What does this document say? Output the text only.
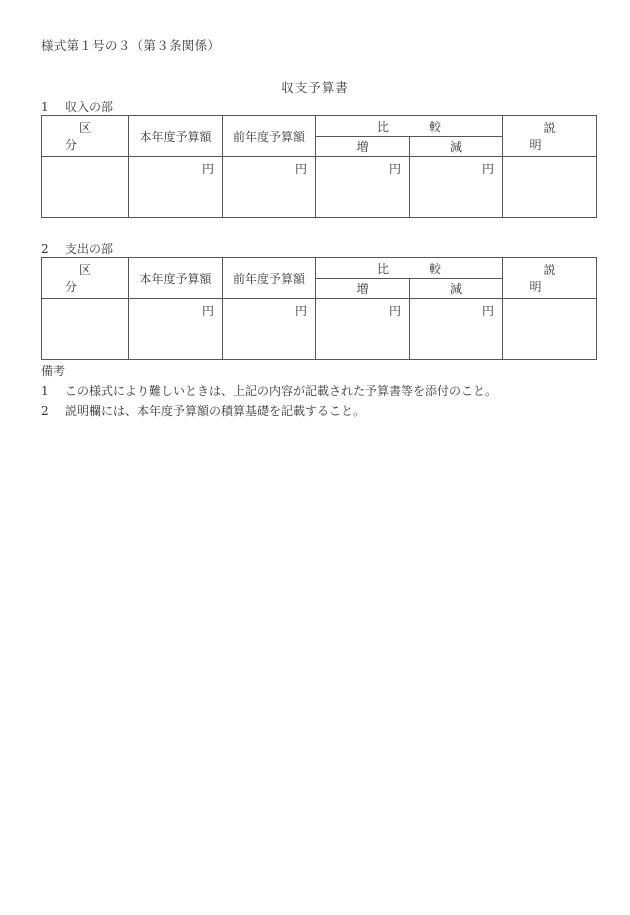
様式第１号の３（第３条関係）
収支予算書
1 収入の部
区分	本年度予算額	前年度予算額	比較		説明
			増	減	
	円	円	円	円	
2 支出の部
区分	本年度予算額	前年度予算額	比較		説明
			増	減	
	円	円	円	円	
備考
1 この様式により難しいときは、上記の内容が記載された予算書等を添付のこと。
2 説明欄には、本年度予算額の積算基礎を記載すること。
